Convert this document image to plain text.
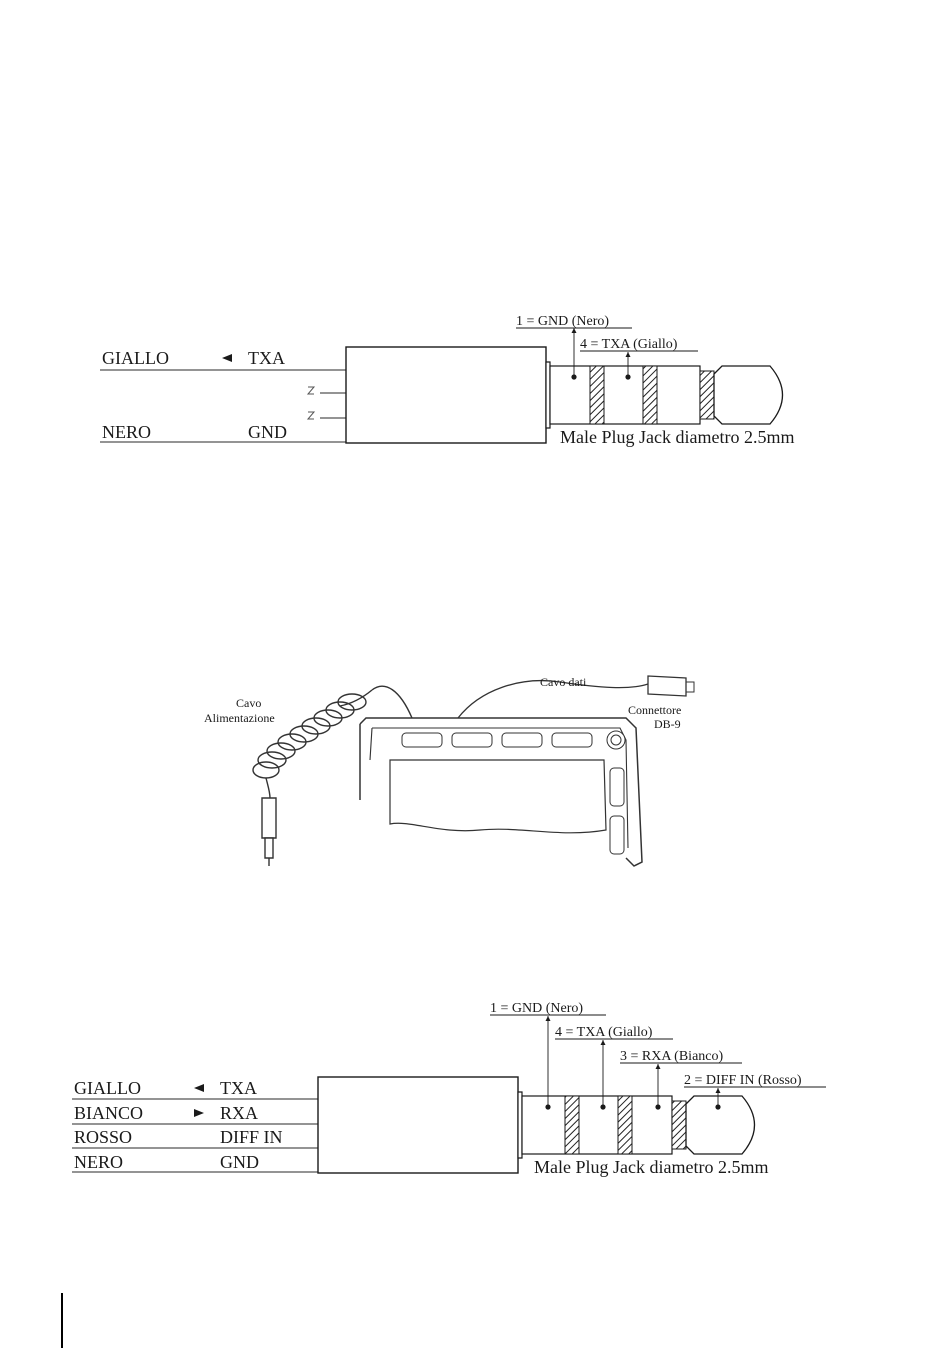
GIALLO
NERO
TXA
GND
1 = GND (Nero)
4 = TXA (Giallo)
Male Plug Jack diametro 2.5mm
Cavo
Alimentazione
Cavo dati
Connettore
DB-9
GIALLO
BIANCO
ROSSO
NERO
TXA
RXA
DIFF IN
GND
1 = GND (Nero)
4 = TXA (Giallo)
3 = RXA (Bianco)
2 = DIFF IN (Rosso)
Male Plug Jack diametro 2.5mm
